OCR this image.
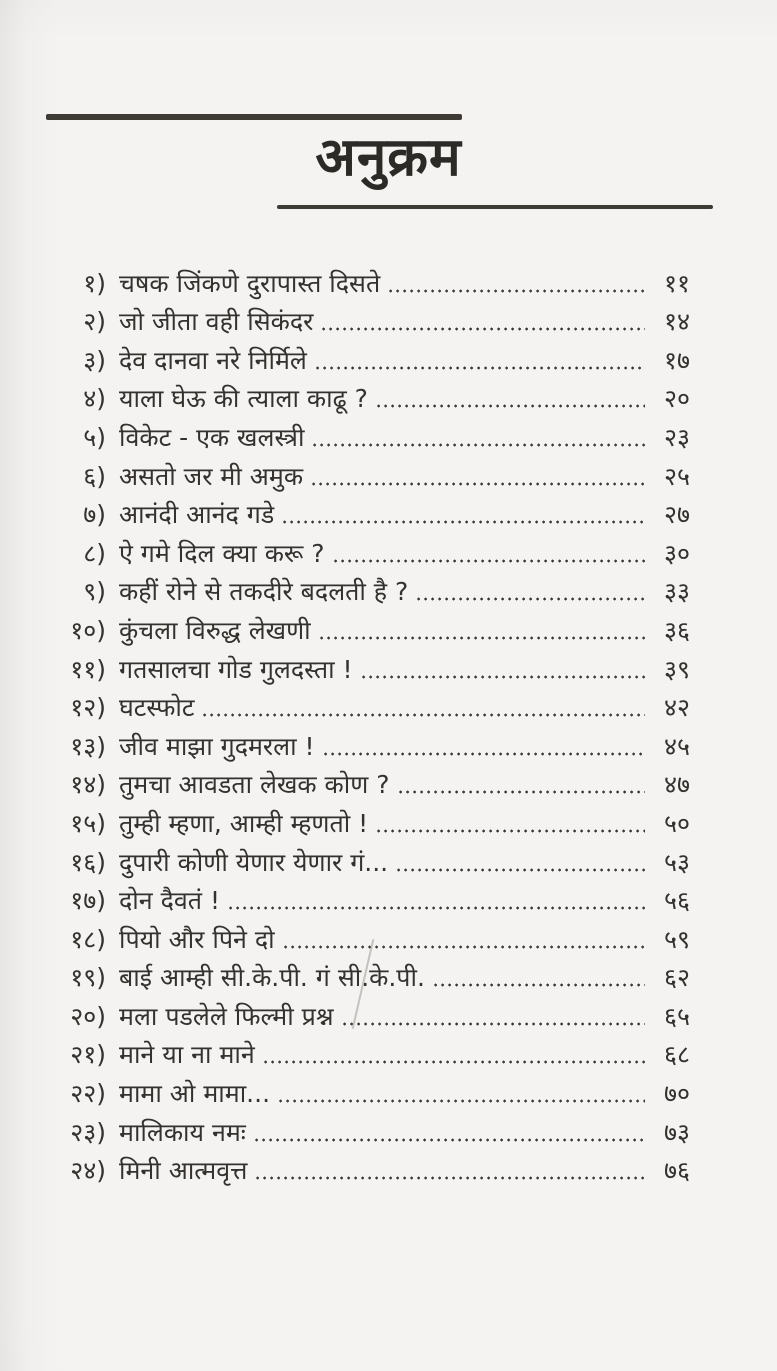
अनुक्रम
१) चषक जिंकणे दुरापास्त दिसते	११
२) जो जीता वही सिकंदर	१४
३) देव दानवा नरे निर्मिले	१७
४) याला घेऊ की त्याला काढू ?	२०
५) विकेट - एक खलस्त्री	२३
६) असतो जर मी अमुक	२५
७) आनंदी आनंद गडे	२७
८) ऐ गमे दिल क्या करू ?	३०
९) कहीं रोने से तकदीरे बदलती है ?	३३
१०) कुंचला विरुद्ध लेखणी	३६
११) गतसालचा गोड गुलदस्ता !	३९
१२) घटस्फोट	४२
१३) जीव माझा गुदमरला !	४५
१४) तुमचा आवडता लेखक कोण ?	४७
१५) तुम्ही म्हणा, आम्ही म्हणतो !	५०
१६) दुपारी कोणी येणार येणार गं...	५३
१७) दोन दैवतं !	५६
१८) पियो और पिने दो	५९
१९) बाई आम्ही सी.के.पी. गं सी.के.पी.	६२
२०) मला पडलेले फिल्मी प्रश्न	६५
२१) माने या ना माने	६८
२२) मामा ओ मामा...	७०
२३) मालिकाय नमः	७३
२४) मिनी आत्मवृत्त	७६
